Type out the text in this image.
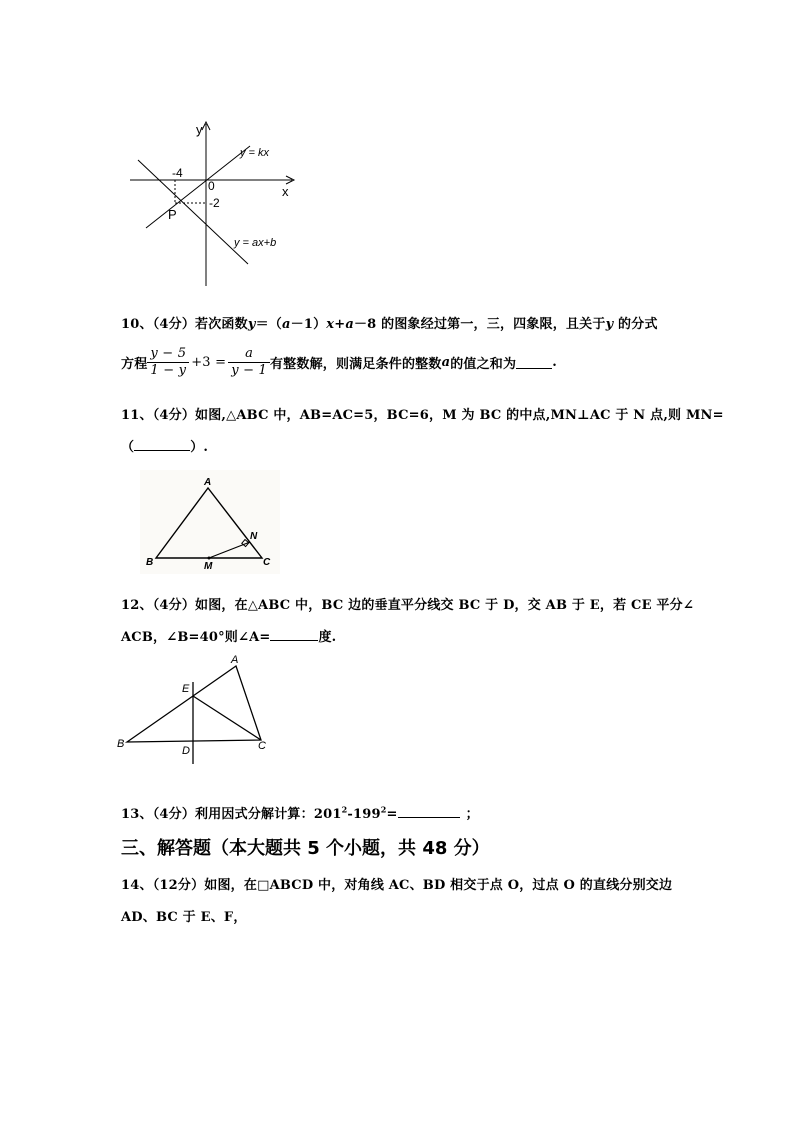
y
x
0
-4
-2
P
y = kx
y = ax+b
10、（4分）若次函数y＝（a－1）x+a－8 的图象经过第一，三，四象限，且关于y 的分式
方程 $\frac{y - 5}{1 - y} +3 = \frac{a}{y - 1}$ 有整数解，则满足条件的整数 a 的值之和为	.
11、（4分）如图,△ABC 中，AB=AC=5，BC=6，M 为 BC 的中点,MN⊥AC 于 N 点,则 MN=
（	）.
A
B	C
M
N
12、（4分）如图，在△ABC 中，BC 边的垂直平分线交 BC 于 D，交 AB 于 E，若 CE 平分∠
ACB，∠B=40°则∠A=	度.
A
B	C
D
E
13、（4分）利用因式分解计算：$201^2-199^2=$	；
三、解答题（本大题共 5 个小题，共 48 分）
14、（12分）如图，在□ABCD 中，对角线 AC、BD 相交于点 O，过点 O 的直线分别交边
AD、BC 于 E、F，
